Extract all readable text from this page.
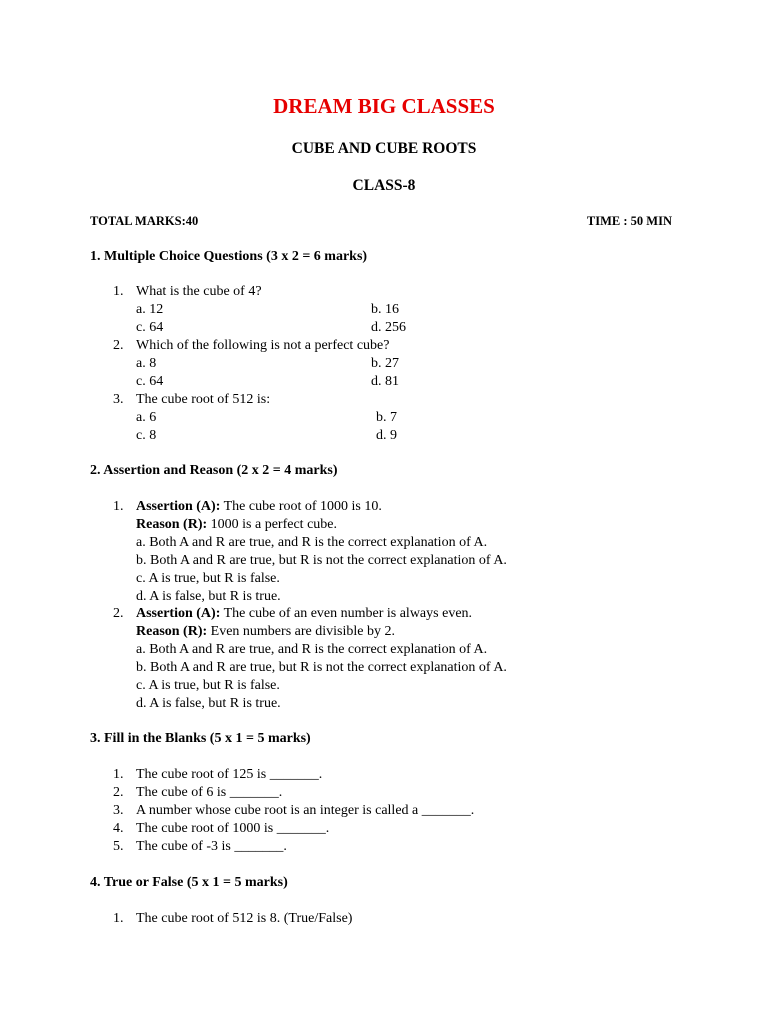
DREAM BIG CLASSES
CUBE AND CUBE ROOTS
CLASS-8
TOTAL MARKS:40	TIME : 50 MIN
1. Multiple Choice Questions (3 x 2 = 6 marks)
1. What is the cube of 4?
a. 12	b. 16
c. 64	d. 256
2. Which of the following is not a perfect cube?
a. 8	b. 27
c. 64	d. 81
3. The cube root of 512 is:
a. 6	b. 7
c. 8	d. 9
2. Assertion and Reason (2 x 2 = 4 marks)
1. Assertion (A): The cube root of 1000 is 10.
Reason (R): 1000 is a perfect cube.
a. Both A and R are true, and R is the correct explanation of A.
b. Both A and R are true, but R is not the correct explanation of A.
c. A is true, but R is false.
d. A is false, but R is true.
2. Assertion (A): The cube of an even number is always even.
Reason (R): Even numbers are divisible by 2.
a. Both A and R are true, and R is the correct explanation of A.
b. Both A and R are true, but R is not the correct explanation of A.
c. A is true, but R is false.
d. A is false, but R is true.
3. Fill in the Blanks (5 x 1 = 5 marks)
1. The cube root of 125 is _______.
2. The cube of 6 is _______.
3. A number whose cube root is an integer is called a _______.
4. The cube root of 1000 is _______.
5. The cube of -3 is _______.
4. True or False (5 x 1 = 5 marks)
1. The cube root of 512 is 8. (True/False)
